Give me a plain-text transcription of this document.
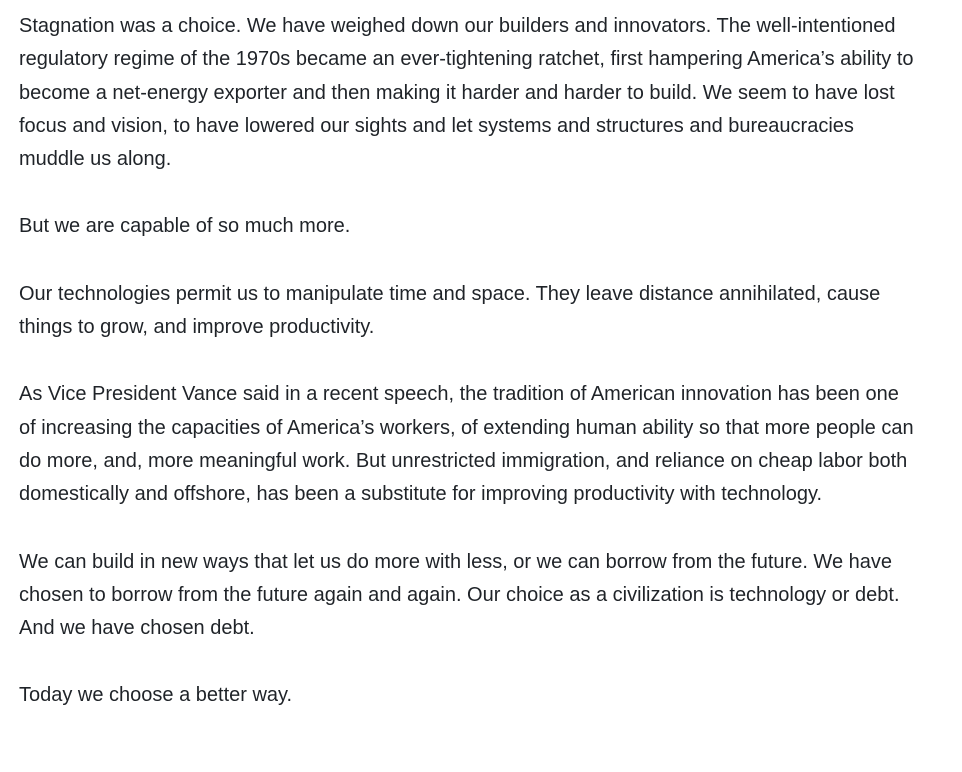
Stagnation was a choice. We have weighed down our builders and innovators. The well-intentioned regulatory regime of the 1970s became an ever-tightening ratchet, first hampering America’s ability to become a net-energy exporter and then making it harder and harder to build. We seem to have lost focus and vision, to have lowered our sights and let systems and structures and bureaucracies muddle us along.

But we are capable of so much more.

Our technologies permit us to manipulate time and space. They leave distance annihilated, cause things to grow, and improve productivity.

As Vice President Vance said in a recent speech, the tradition of American innovation has been one of increasing the capacities of America’s workers, of extending human ability so that more people can do more, and, more meaningful work. But unrestricted immigration, and reliance on cheap labor both domestically and offshore, has been a substitute for improving productivity with technology.

We can build in new ways that let us do more with less, or we can borrow from the future. We have chosen to borrow from the future again and again. Our choice as a civilization is technology or debt. And we have chosen debt.

Today we choose a better way.
